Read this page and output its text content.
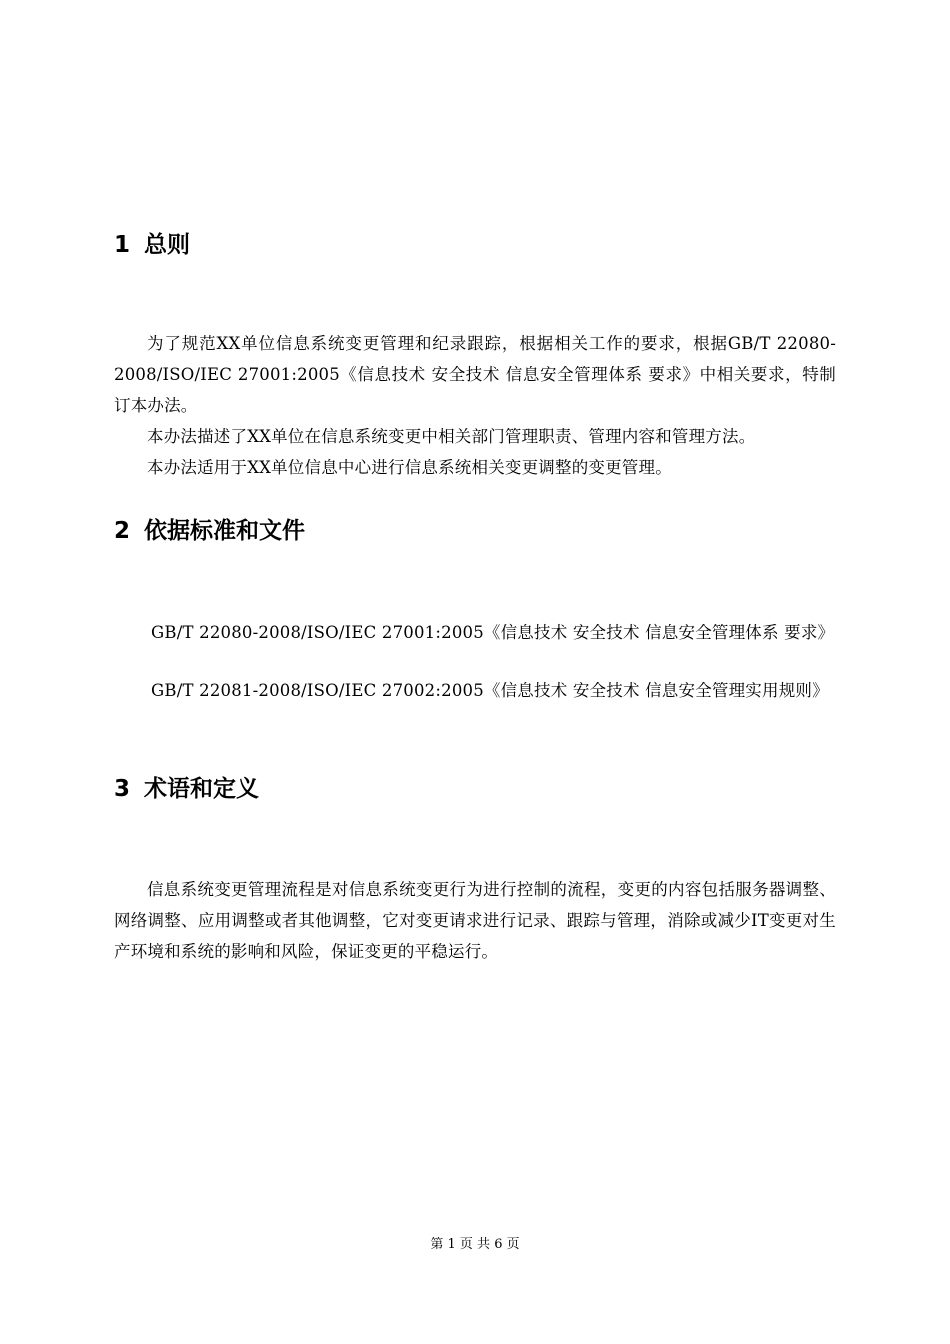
1 总则

为了规范XX单位信息系统变更管理和纪录跟踪，根据相关工作的要求，根据GB/T 22080-2008/ISO/IEC 27001:2005《信息技术 安全技术 信息安全管理体系 要求》中相关要求，特制订本办法。

本办法描述了XX单位在信息系统变更中相关部门管理职责、管理内容和管理方法。

本办法适用于XX单位信息中心进行信息系统相关变更调整的变更管理。

2 依据标准和文件

GB/T 22080-2008/ISO/IEC 27001:2005《信息技术 安全技术 信息安全管理体系 要求》

GB/T 22081-2008/ISO/IEC 27002:2005《信息技术 安全技术 信息安全管理实用规则》

3 术语和定义

信息系统变更管理流程是对信息系统变更行为进行控制的流程，变更的内容包括服务器调整、网络调整、应用调整或者其他调整，它对变更请求进行记录、跟踪与管理，消除或减少IT变更对生产环境和系统的影响和风险，保证变更的平稳运行。

第 1 页 共 6 页
